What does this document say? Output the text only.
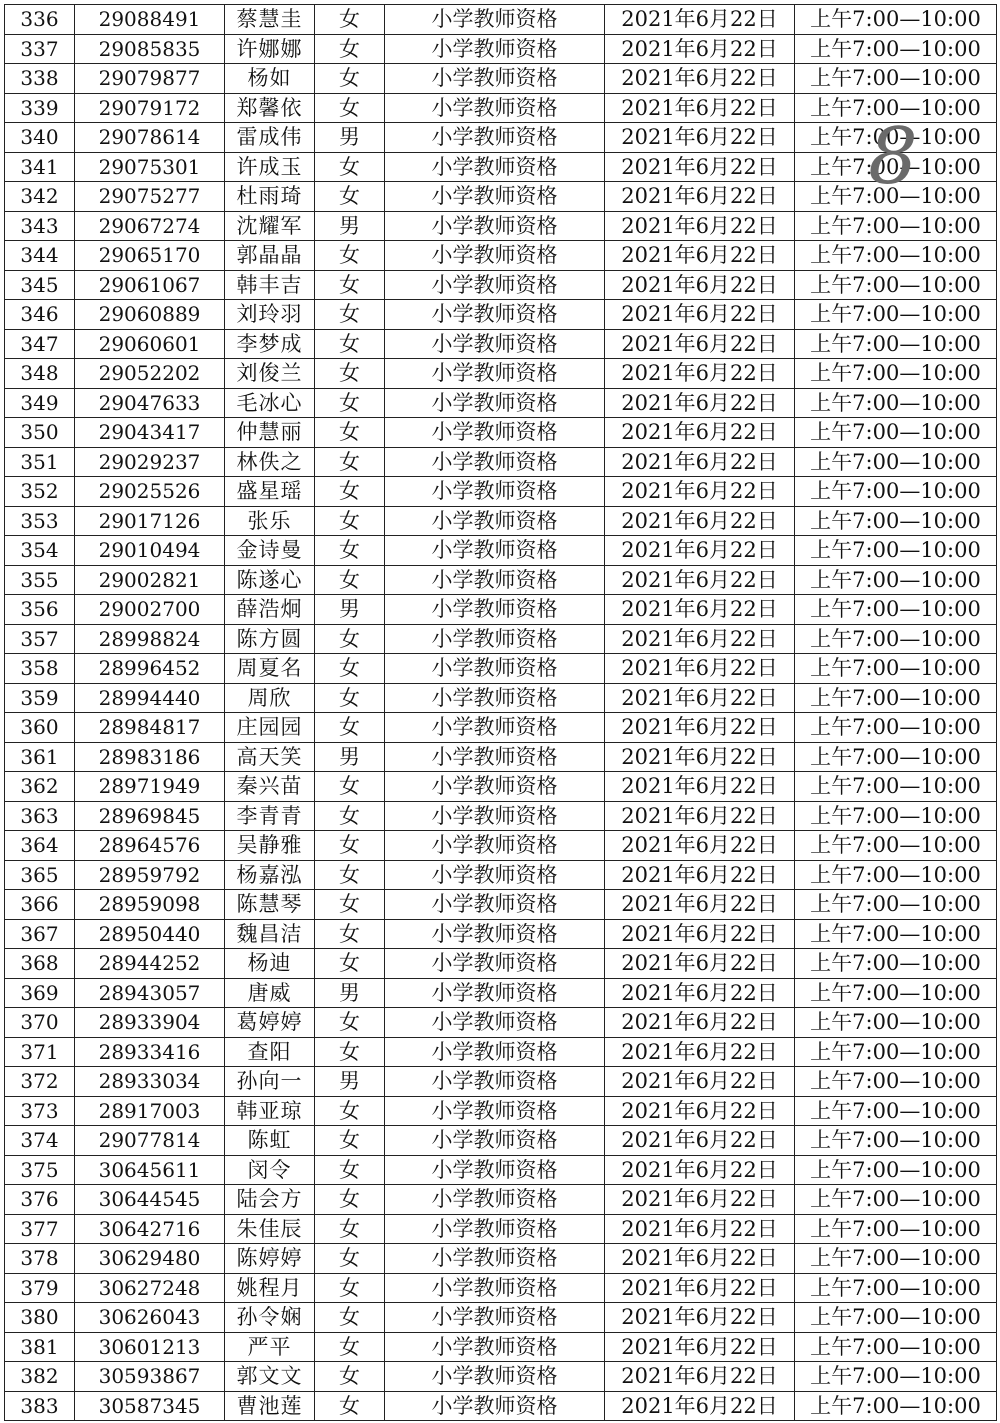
336	29088491	蔡慧圭	女	小学教师资格	2021年6月22日	上午7:00—10:00
337	29085835	许娜娜	女	小学教师资格	2021年6月22日	上午7:00—10:00
338	29079877	杨如	女	小学教师资格	2021年6月22日	上午7:00—10:00
339	29079172	郑馨依	女	小学教师资格	2021年6月22日	上午7:00—10:00
340	29078614	雷成伟	男	小学教师资格	2021年6月22日	上午7:00—10:00
341	29075301	许成玉	女	小学教师资格	2021年6月22日	上午7:00—10:00
342	29075277	杜雨琦	女	小学教师资格	2021年6月22日	上午7:00—10:00
343	29067274	沈耀军	男	小学教师资格	2021年6月22日	上午7:00—10:00
344	29065170	郭晶晶	女	小学教师资格	2021年6月22日	上午7:00—10:00
345	29061067	韩丰吉	女	小学教师资格	2021年6月22日	上午7:00—10:00
346	29060889	刘玲羽	女	小学教师资格	2021年6月22日	上午7:00—10:00
347	29060601	李梦成	女	小学教师资格	2021年6月22日	上午7:00—10:00
348	29052202	刘俊兰	女	小学教师资格	2021年6月22日	上午7:00—10:00
349	29047633	毛冰心	女	小学教师资格	2021年6月22日	上午7:00—10:00
350	29043417	仲慧丽	女	小学教师资格	2021年6月22日	上午7:00—10:00
351	29029237	林佚之	女	小学教师资格	2021年6月22日	上午7:00—10:00
352	29025526	盛星瑶	女	小学教师资格	2021年6月22日	上午7:00—10:00
353	29017126	张乐	女	小学教师资格	2021年6月22日	上午7:00—10:00
354	29010494	金诗曼	女	小学教师资格	2021年6月22日	上午7:00—10:00
355	29002821	陈遂心	女	小学教师资格	2021年6月22日	上午7:00—10:00
356	29002700	薛浩炯	男	小学教师资格	2021年6月22日	上午7:00—10:00
357	28998824	陈方圆	女	小学教师资格	2021年6月22日	上午7:00—10:00
358	28996452	周夏名	女	小学教师资格	2021年6月22日	上午7:00—10:00
359	28994440	周欣	女	小学教师资格	2021年6月22日	上午7:00—10:00
360	28984817	庄园园	女	小学教师资格	2021年6月22日	上午7:00—10:00
361	28983186	高天笑	男	小学教师资格	2021年6月22日	上午7:00—10:00
362	28971949	秦兴苗	女	小学教师资格	2021年6月22日	上午7:00—10:00
363	28969845	李青青	女	小学教师资格	2021年6月22日	上午7:00—10:00
364	28964576	吴静雅	女	小学教师资格	2021年6月22日	上午7:00—10:00
365	28959792	杨嘉泓	女	小学教师资格	2021年6月22日	上午7:00—10:00
366	28959098	陈慧琴	女	小学教师资格	2021年6月22日	上午7:00—10:00
367	28950440	魏昌洁	女	小学教师资格	2021年6月22日	上午7:00—10:00
368	28944252	杨迪	女	小学教师资格	2021年6月22日	上午7:00—10:00
369	28943057	唐威	男	小学教师资格	2021年6月22日	上午7:00—10:00
370	28933904	葛婷婷	女	小学教师资格	2021年6月22日	上午7:00—10:00
371	28933416	查阳	女	小学教师资格	2021年6月22日	上午7:00—10:00
372	28933034	孙向一	男	小学教师资格	2021年6月22日	上午7:00—10:00
373	28917003	韩亚琼	女	小学教师资格	2021年6月22日	上午7:00—10:00
374	29077814	陈虹	女	小学教师资格	2021年6月22日	上午7:00—10:00
375	30645611	闵令	女	小学教师资格	2021年6月22日	上午7:00—10:00
376	30644545	陆会方	女	小学教师资格	2021年6月22日	上午7:00—10:00
377	30642716	朱佳辰	女	小学教师资格	2021年6月22日	上午7:00—10:00
378	30629480	陈婷婷	女	小学教师资格	2021年6月22日	上午7:00—10:00
379	30627248	姚程月	女	小学教师资格	2021年6月22日	上午7:00—10:00
380	30626043	孙令娴	女	小学教师资格	2021年6月22日	上午7:00—10:00
381	30601213	严平	女	小学教师资格	2021年6月22日	上午7:00—10:00
382	30593867	郭文文	女	小学教师资格	2021年6月22日	上午7:00—10:00
383	30587345	曹池莲	女	小学教师资格	2021年6月22日	上午7:00—10:00
8
